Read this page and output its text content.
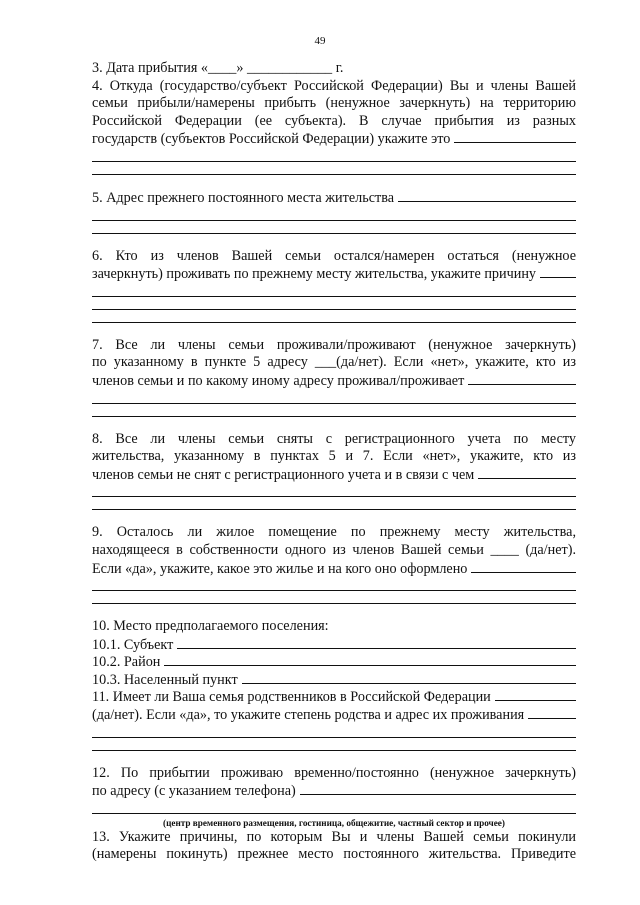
49
3. Дата прибытия «____» ____________ г.
4. Откуда (государство/субъект Российской Федерации) Вы и члены Вашей
семьи прибыли/намерены прибыть (ненужное зачеркнуть) на территорию
Российской Федерации (ее субъекта). В случае прибытия из разных
государств (субъектов Российской Федерации) укажите это
5. Адрес прежнего постоянного места жительства
6. Кто из членов Вашей семьи остался/намерен остаться (ненужное
зачеркнуть) проживать по прежнему месту жительства, укажите причину
7. Все ли члены семьи проживали/проживают (ненужное зачеркнуть)
по указанному в пункте 5 адресу ___(да/нет). Если «нет», укажите, кто из
членов семьи и по какому иному адресу проживал/проживает
8. Все ли члены семьи сняты с регистрационного учета по месту
жительства, указанному в пунктах 5 и 7. Если «нет», укажите, кто из
членов семьи не снят с регистрационного учета и в связи с чем
9. Осталось ли жилое помещение по прежнему месту жительства,
находящееся в собственности одного из членов Вашей семьи ____ (да/нет).
Если «да», укажите, какое это жилье и на кого оно оформлено
10. Место предполагаемого поселения:
10.1. Субъект
10.2. Район
10.3. Населенный пункт
11. Имеет ли Ваша семья родственников в Российской Федерации
(да/нет). Если «да», то укажите степень родства и адрес их проживания
12. По прибытии проживаю временно/постоянно (ненужное зачеркнуть)
по адресу (с указанием телефона)
(центр временного размещения, гостиница, общежитие, частный сектор и прочее)
13. Укажите причины, по которым Вы и члены Вашей семьи покинули
(намерены покинуть) прежнее место постоянного жительства. Приведите
